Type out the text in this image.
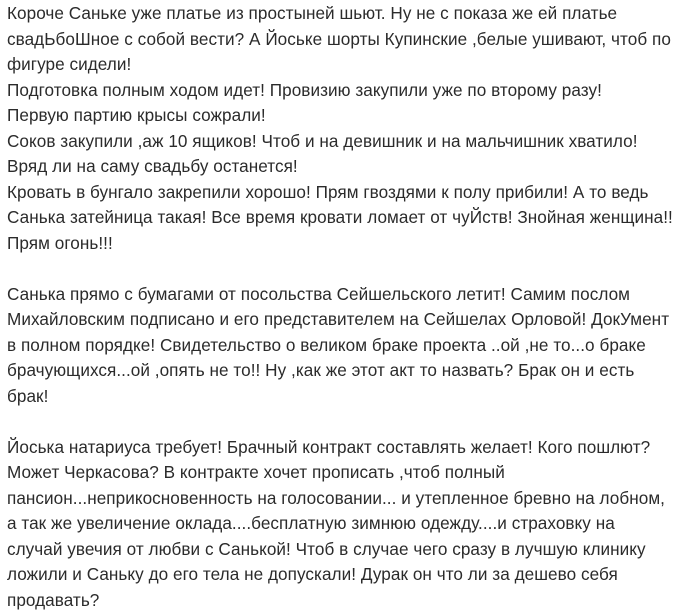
Короче Саньке уже платье из простыней шьют. Ну не с показа же ей платье
свадЬбоШное с собой вести? А Йоське шорты Купинские ,белые ушивают, чтоб по
фигуре сидели!
Подготовка полным ходом идет! Провизию закупили уже по второму разу!
Первую партию крысы сожрали!
Соков закупили ,аж 10 ящиков! Чтоб и на девишник и на мальчишник хватило!
Вряд ли на саму свадьбу останется!
Кровать в бунгало закрепили хорошо! Прям гвоздями к полу прибили! А то ведь
Санька затейница такая! Все время кровати ломает от чуЙств! Знойная женщина!!
Прям огонь!!!
Санька прямо с бумагами от посольства Сейшельского летит! Самим послом
Михайловским подписано и его представителем на Сейшелах Орловой! ДокУмент
в полном порядке! Свидетельство о великом браке проекта ..ой ,не то...о браке
брачующихся...ой ,опять не то!! Ну ,как же этот акт то назвать? Брак он и есть
брак!
Йоська натариуса требует! Брачный контракт составлять желает! Кого пошлют?
Может Черкасова? В контракте хочет прописать ,чтоб полный
пансион...неприкосновенность на голосовании... и утепленное бревно на лобном,
а так же увеличение оклада....бесплатную зимнюю одежду....и страховку на
случай увечия от любви с Санькой! Чтоб в случае чего сразу в лучшую клинику
ложили и Саньку до его тела не допускали! Дурак он что ли за дешево себя
продавать?
